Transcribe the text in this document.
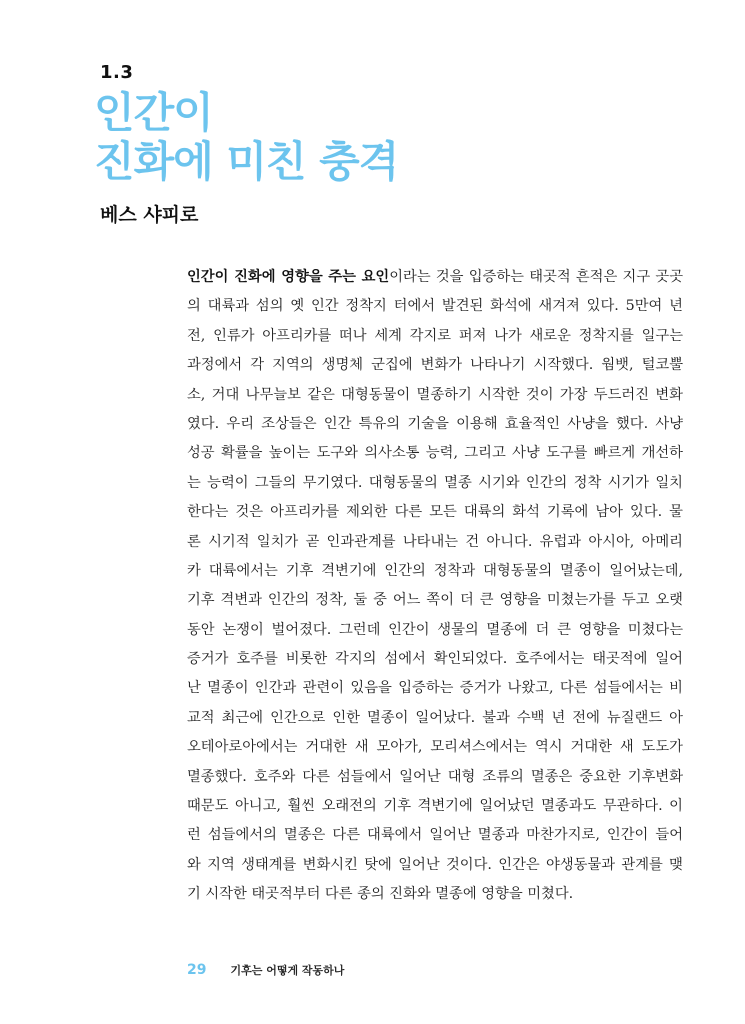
1.3
인간이
진화에 미친 충격
베스 샤피로
인간이 진화에 영향을 주는 요인이라는 것을 입증하는 태곳적 흔적은 지구 곳곳
의 대륙과 섬의 옛 인간 정착지 터에서 발견된 화석에 새겨져 있다. 5만여 년
전, 인류가 아프리카를 떠나 세계 각지로 퍼져 나가 새로운 정착지를 일구는
과정에서 각 지역의 생명체 군집에 변화가 나타나기 시작했다. 웜뱃, 털코뿔
소, 거대 나무늘보 같은 대형동물이 멸종하기 시작한 것이 가장 두드러진 변화
였다. 우리 조상들은 인간 특유의 기술을 이용해 효율적인 사냥을 했다. 사냥
성공 확률을 높이는 도구와 의사소통 능력, 그리고 사냥 도구를 빠르게 개선하
는 능력이 그들의 무기였다. 대형동물의 멸종 시기와 인간의 정착 시기가 일치
한다는 것은 아프리카를 제외한 다른 모든 대륙의 화석 기록에 남아 있다. 물
론 시기적 일치가 곧 인과관계를 나타내는 건 아니다. 유럽과 아시아, 아메리
카 대륙에서는 기후 격변기에 인간의 정착과 대형동물의 멸종이 일어났는데,
기후 격변과 인간의 정착, 둘 중 어느 쪽이 더 큰 영향을 미쳤는가를 두고 오랫
동안 논쟁이 벌어졌다. 그런데 인간이 생물의 멸종에 더 큰 영향을 미쳤다는
증거가 호주를 비롯한 각지의 섬에서 확인되었다. 호주에서는 태곳적에 일어
난 멸종이 인간과 관련이 있음을 입증하는 증거가 나왔고, 다른 섬들에서는 비
교적 최근에 인간으로 인한 멸종이 일어났다. 불과 수백 년 전에 뉴질랜드 아
오테아로아에서는 거대한 새 모아가, 모리셔스에서는 역시 거대한 새 도도가
멸종했다. 호주와 다른 섬들에서 일어난 대형 조류의 멸종은 중요한 기후변화
때문도 아니고, 훨씬 오래전의 기후 격변기에 일어났던 멸종과도 무관하다. 이
런 섬들에서의 멸종은 다른 대륙에서 일어난 멸종과 마찬가지로, 인간이 들어
와 지역 생태계를 변화시킨 탓에 일어난 것이다. 인간은 야생동물과 관계를 맺
기 시작한 태곳적부터 다른 종의 진화와 멸종에 영향을 미쳤다.
29 기후는 어떻게 작동하나
